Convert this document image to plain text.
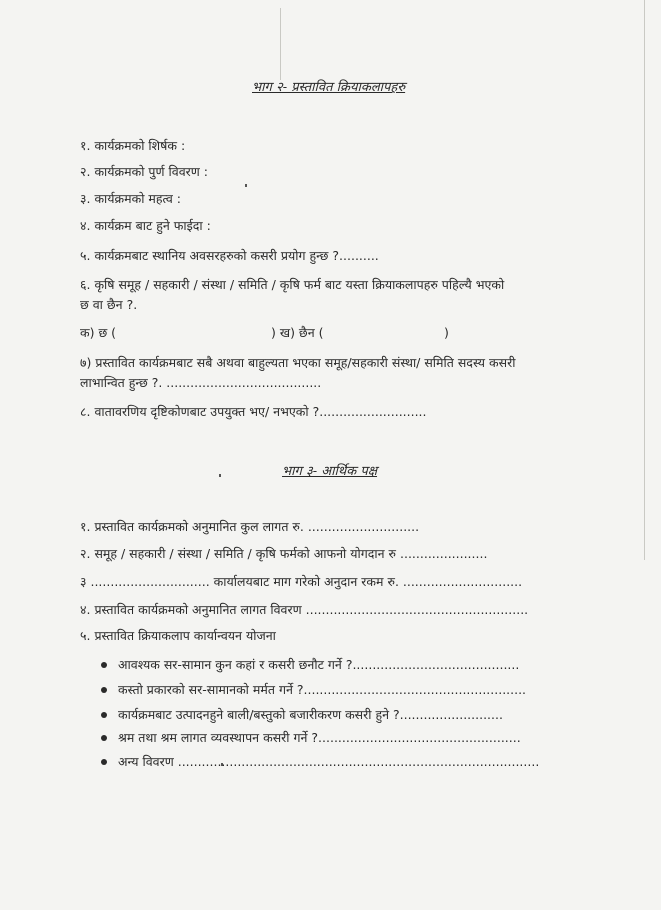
भाग २- प्रस्तावित क्रियाकलापहरु
१. कार्यक्रमको शिर्षक :
२. कार्यक्रमको पुर्ण विवरण :
३. कार्यक्रमको महत्व :
४. कार्यक्रम बाट हुने फाईदा :
५. कार्यक्रमबाट स्थानिय अवसरहरुको कसरी प्रयोग हुन्छ ?..........
६. कृषि समूह / सहकारी / संस्था / समिति / कृषि फर्म बाट यस्ता क्रियाकलापहरु पहिल्यै भएको
छ वा छैन ?.
क) छ (	) ख) छैन (	)
७) प्रस्तावित कार्यक्रमबाट सबै अथवा बाहुल्यता भएका समूह/सहकारी संस्था/ समिति सदस्य कसरी
लाभान्वित हुन्छ ?. .......................................
८. वातावरणिय दृष्टिकोणबाट उपयुक्त भए/ नभएको ?...........................
भाग ३- आर्थिक पक्ष
१. प्रस्तावित कार्यक्रमको अनुमानित कुल लागत रु. ............................
२. समूह / सहकारी / संस्था / समिति / कृषि फर्मको आफनो योगदान रु ......................
३ .............................. कार्यालयबाट माग गरेको अनुदान रकम रु. ..............................
४. प्रस्तावित कार्यक्रमको अनुमानित लागत विवरण ........................................................
५. प्रस्तावित क्रियाकलाप कार्यान्वयन योजना
आवश्यक सर-सामान कुन कहां र कसरी छनौट गर्ने ?..........................................
कस्तो प्रकारको सर-सामानको मर्मत गर्ने ?........................................................
कार्यक्रमबाट उत्पादनहुने बाली/बस्तुको बजारीकरण कसरी हुने ?..........................
श्रम तथा श्रम लागत व्यवस्थापन कसरी गर्ने ?...................................................
अन्य विवरण ...........................................................................................
